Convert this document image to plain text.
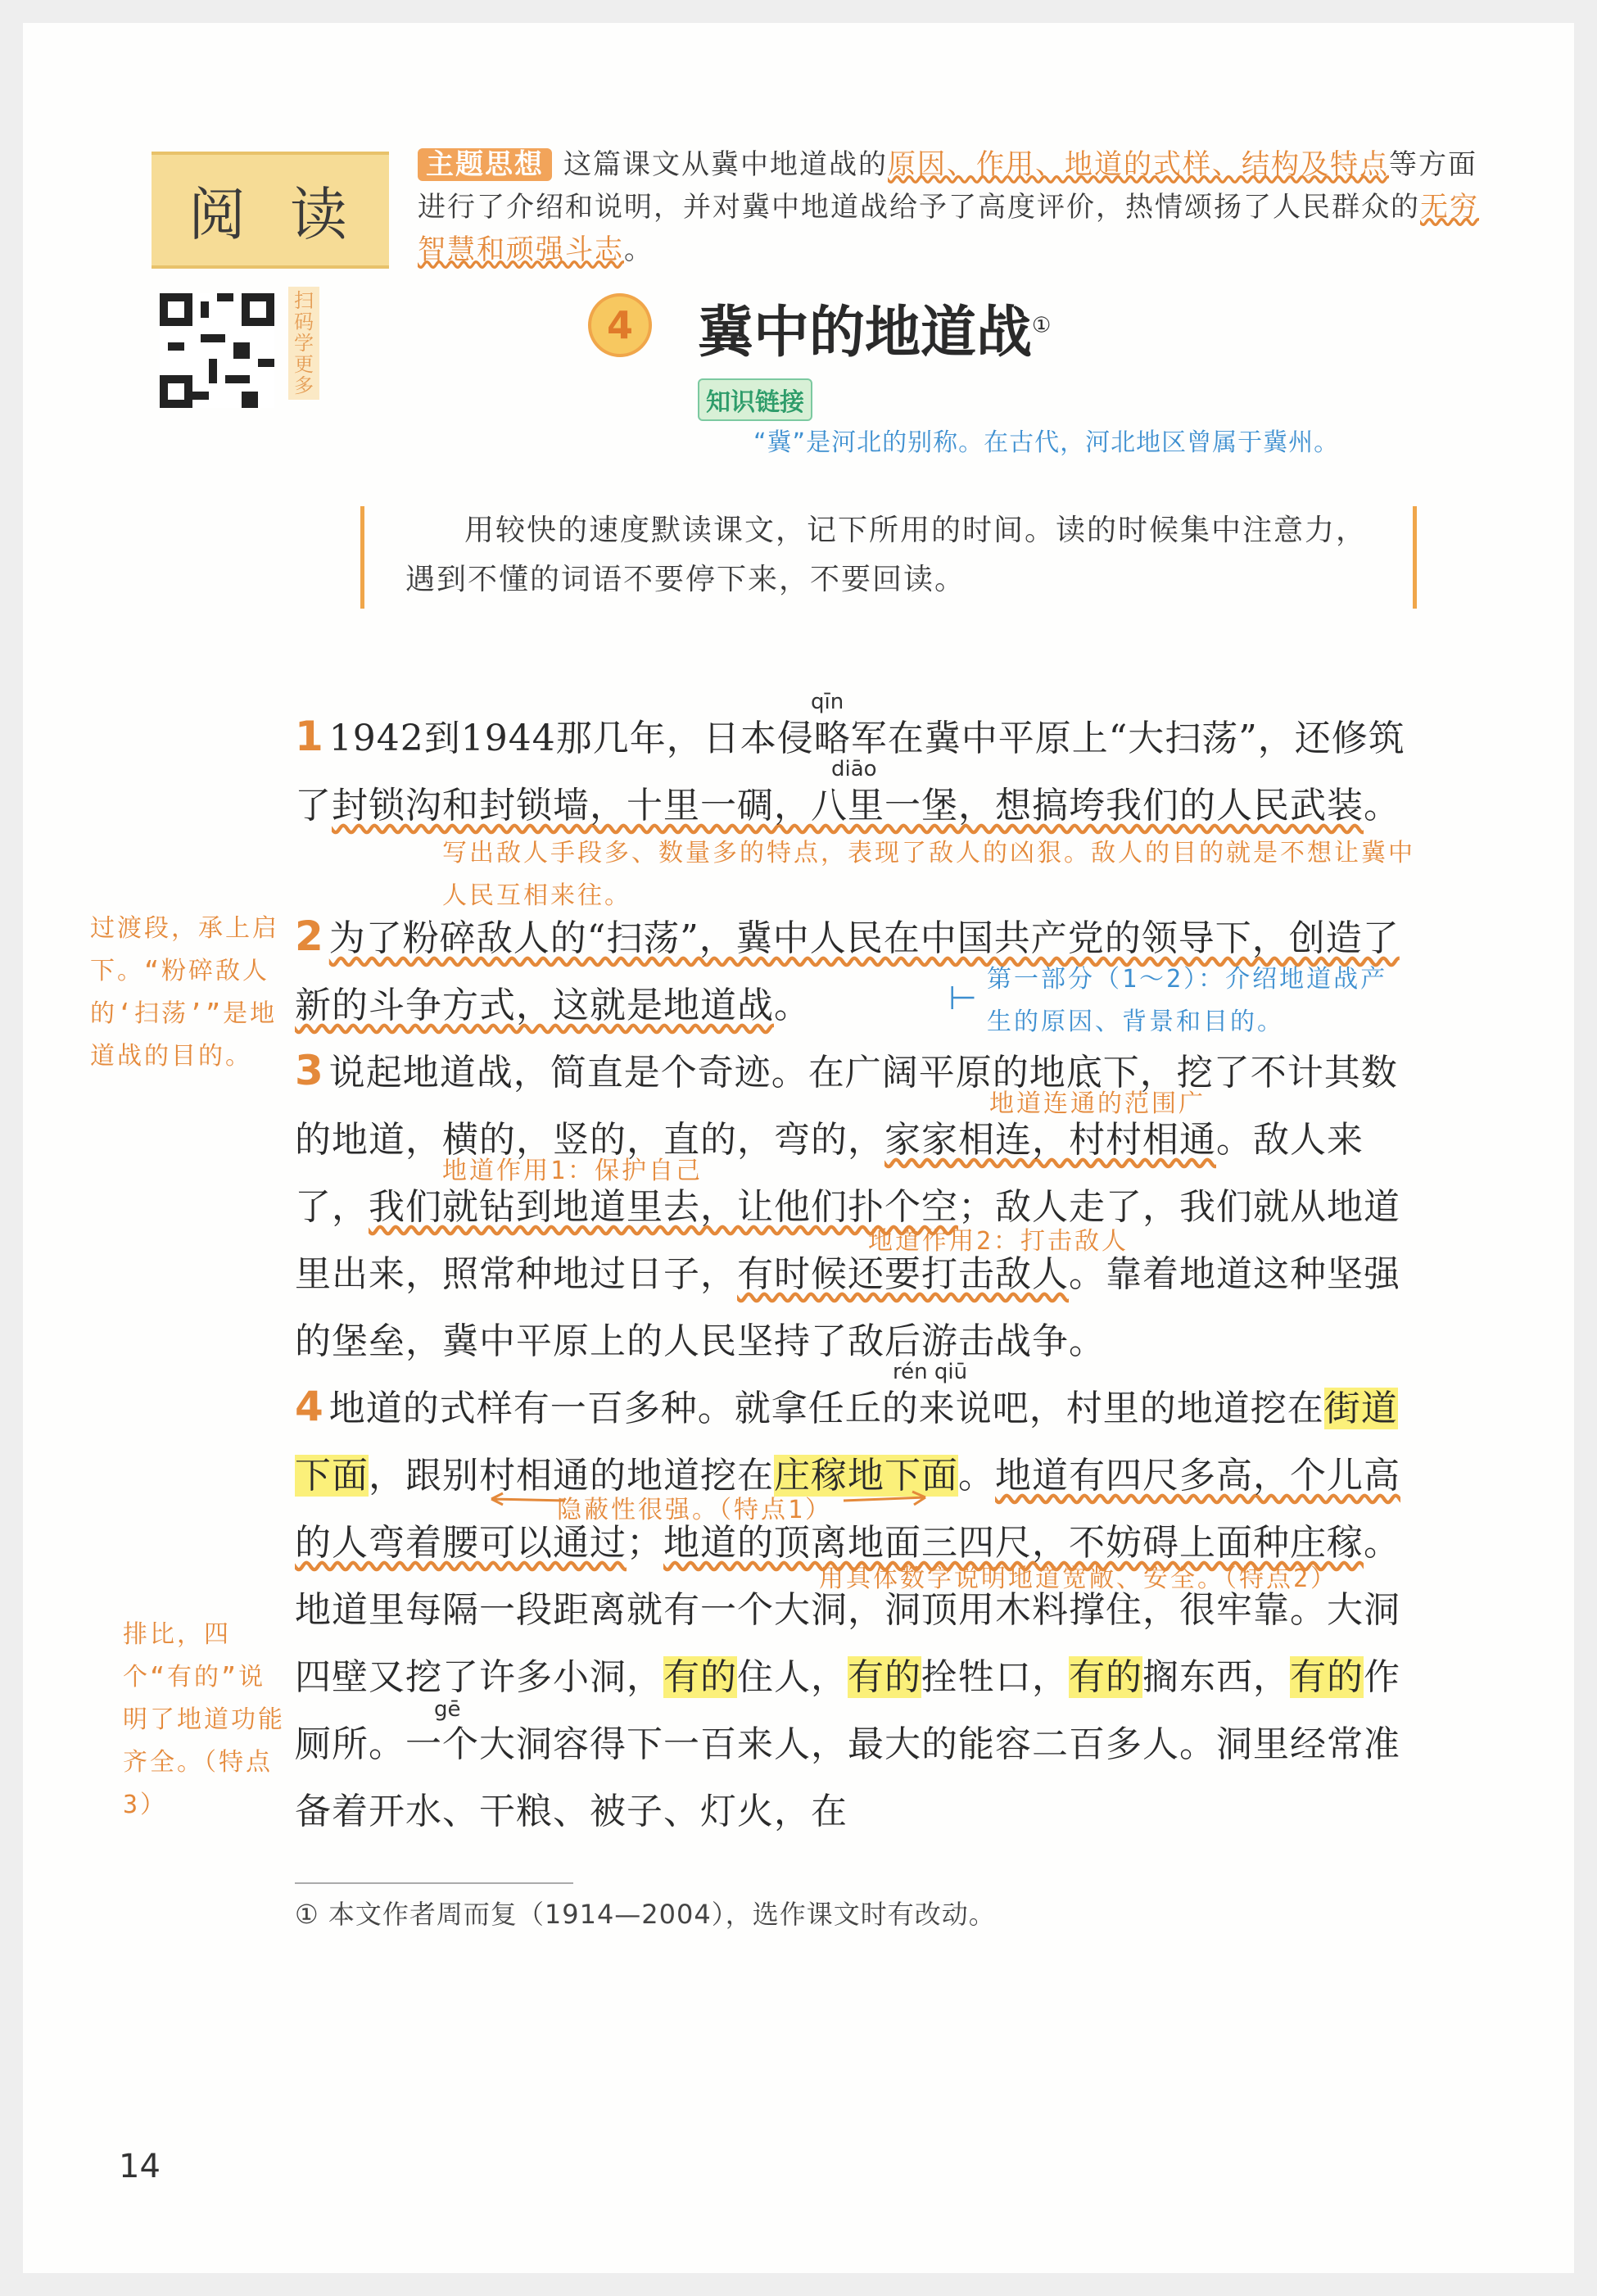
阅 读
主题思想 这篇课文从冀中地道战的原因、作用、地道的式样、结构及特点等方面进行了介绍和说明，并对冀中地道战给予了高度评价，热情颂扬了人民群众的无穷智慧和顽强斗志。
扫码学更多
4	冀中的地道战①
知识链接
“冀”是河北的别称。在古代，河北地区曾属于冀州。
用较快的速度默读课文，记下所用的时间。读的时候集中注意力，遇到不懂的词语不要停下来，不要回读。
qīn
diāo
rén qiū
gē
1 1942到1944那几年，日本侵略军在冀中平原上“大扫荡”，还修筑了封锁沟和封锁墙，十里一碉，八里一堡，想搞垮我们的人民武装。
写出敌人手段多、数量多的特点，表现了敌人的凶狠。敌人的目的就是不想让冀中人民互相来往。
2 为了粉碎敌人的“扫荡”，冀中人民在中国共产党的领导下，创造了新的斗争方式，这就是地道战。
过渡段，承上启下。“粉碎敌人的‘扫荡’”是地道战的目的。
⊢
第一部分（1～2）：介绍地道战产生的原因、背景和目的。
3 说起地道战，简直是个奇迹。在广阔平原的地底下，挖了不计其数的地道，横的，竖的，直的，弯的，家家相连，村村相通。敌人来了，我们就钻到地道里去，让他们扑个空；敌人走了，我们就从地道里出来，照常种地过日子，有时候还要打击敌人。靠着地道这种坚强的堡垒，冀中平原上的人民坚持了敌后游击战争。
地道连通的范围广
地道作用1：保护自己
地道作用2：打击敌人
4 地道的式样有一百多种。就拿任丘的来说吧，村里的地道挖在街道下面，跟别村相通的地道挖在庄稼地下面。地道有四尺多高，个儿高的人弯着腰可以通过；地道的顶离地面三四尺，不妨碍上面种庄稼。地道里每隔一段距离就有一个大洞，洞顶用木料撑住，很牢靠。大洞四壁又挖了许多小洞，有的住人，有的拴牲口，有的搁东西，有的作厕所。一个大洞容得下一百来人，最大的能容二百多人。洞里经常准备着开水、干粮、被子、灯火，在
隐蔽性很强。（特点1）
用具体数字说明地道宽敞、安全。（特点2）
排比，四个“有的”说明了地道功能齐全。（特点3）
① 本文作者周而复（1914—2004），选作课文时有改动。
14
